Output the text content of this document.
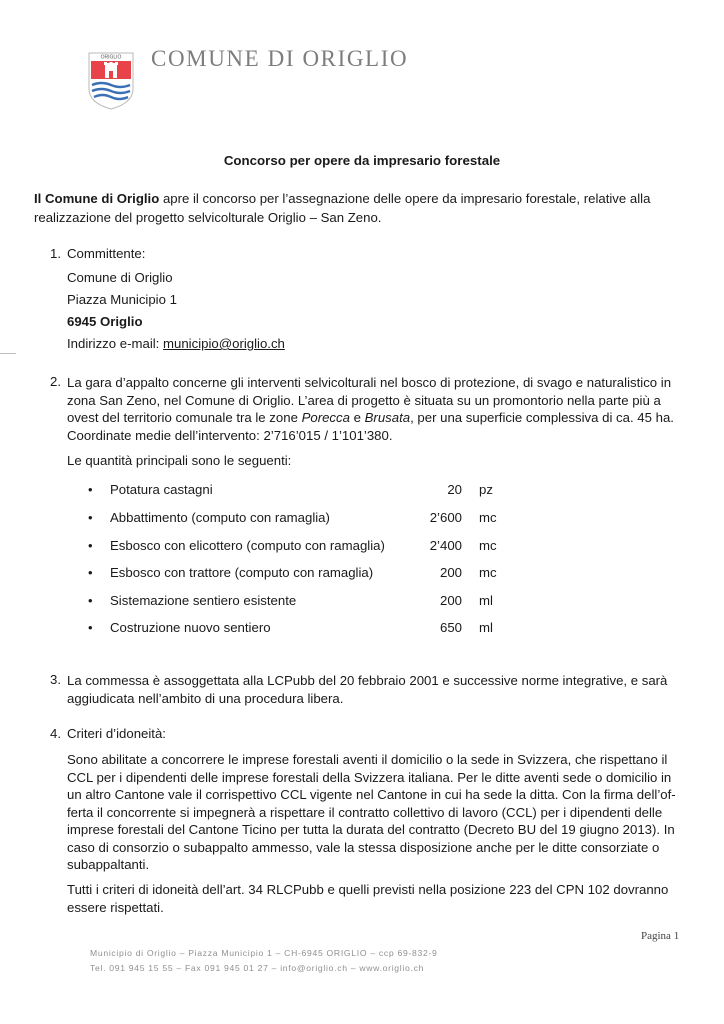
ORIGLIO COMUNE DI ORIGLIO
Concorso per opere da impresario forestale
Il Comune di Origlio apre il concorso per l’assegnazione delle opere da impresario forestale, relative alla realizzazione del progetto selvicolturale Origlio – San Zeno.
1. Committente:
Comune di Origlio
Piazza Municipio 1
6945 Origlio
Indirizzo e-mail: municipio@origlio.ch
2. La gara d’appalto concerne gli interventi selvicolturali nel bosco di protezione, di svago e naturalistico in zona San Zeno, nel Comune di Origlio. L’area di progetto è situata su un promontorio nella parte più a ovest del territorio comunale tra le zone Porecca e Brusata, per una superficie complessiva di ca. 45 ha. Coordinate medie dell’intervento: 2’716’015 / 1’101’380.
Le quantità principali sono le seguenti:
• Potatura castagni	20 pz
• Abbattimento (computo con ramaglia)	2’600 mc
• Esbosco con elicottero (computo con ramaglia)	2’400 mc
• Esbosco con trattore (computo con ramaglia)	200 mc
• Sistemazione sentiero esistente	200 ml
• Costruzione nuovo sentiero	650 ml
3. La commessa è assoggettata alla LCPubb del 20 febbraio 2001 e successive norme integrative, e sarà aggiudicata nell’ambito di una procedura libera.
4. Criteri d’idoneità:
Sono abilitate a concorrere le imprese forestali aventi il domicilio o la sede in Svizzera, che rispettano il CCL per i dipendenti delle imprese forestali della Svizzera italiana. Per le ditte aventi sede o domicilio in un altro Cantone vale il corrispettivo CCL vigente nel Cantone in cui ha sede la ditta. Con la firma dell’of-ferta il concorrente si impegnerà a rispettare il contratto collettivo di lavoro (CCL) per i dipendenti delle imprese forestali del Cantone Ticino per tutta la durata del contratto (Decreto BU del 19 giugno 2013). In caso di consorzio o subappalto ammesso, vale la stessa disposizione anche per le ditte consorziate o subappaltanti.
Tutti i criteri di idoneità dell’art. 34 RLCPubb e quelli previsti nella posizione 223 del CPN 102 dovranno essere rispettati.
Pagina 1
Municipio di Origlio – Piazza Municipio 1 – CH-6945 ORIGLIO – ccp 69-832-9
Tel. 091 945 15 55 – Fax 091 945 01 27 – info@origlio.ch – www.origlio.ch
